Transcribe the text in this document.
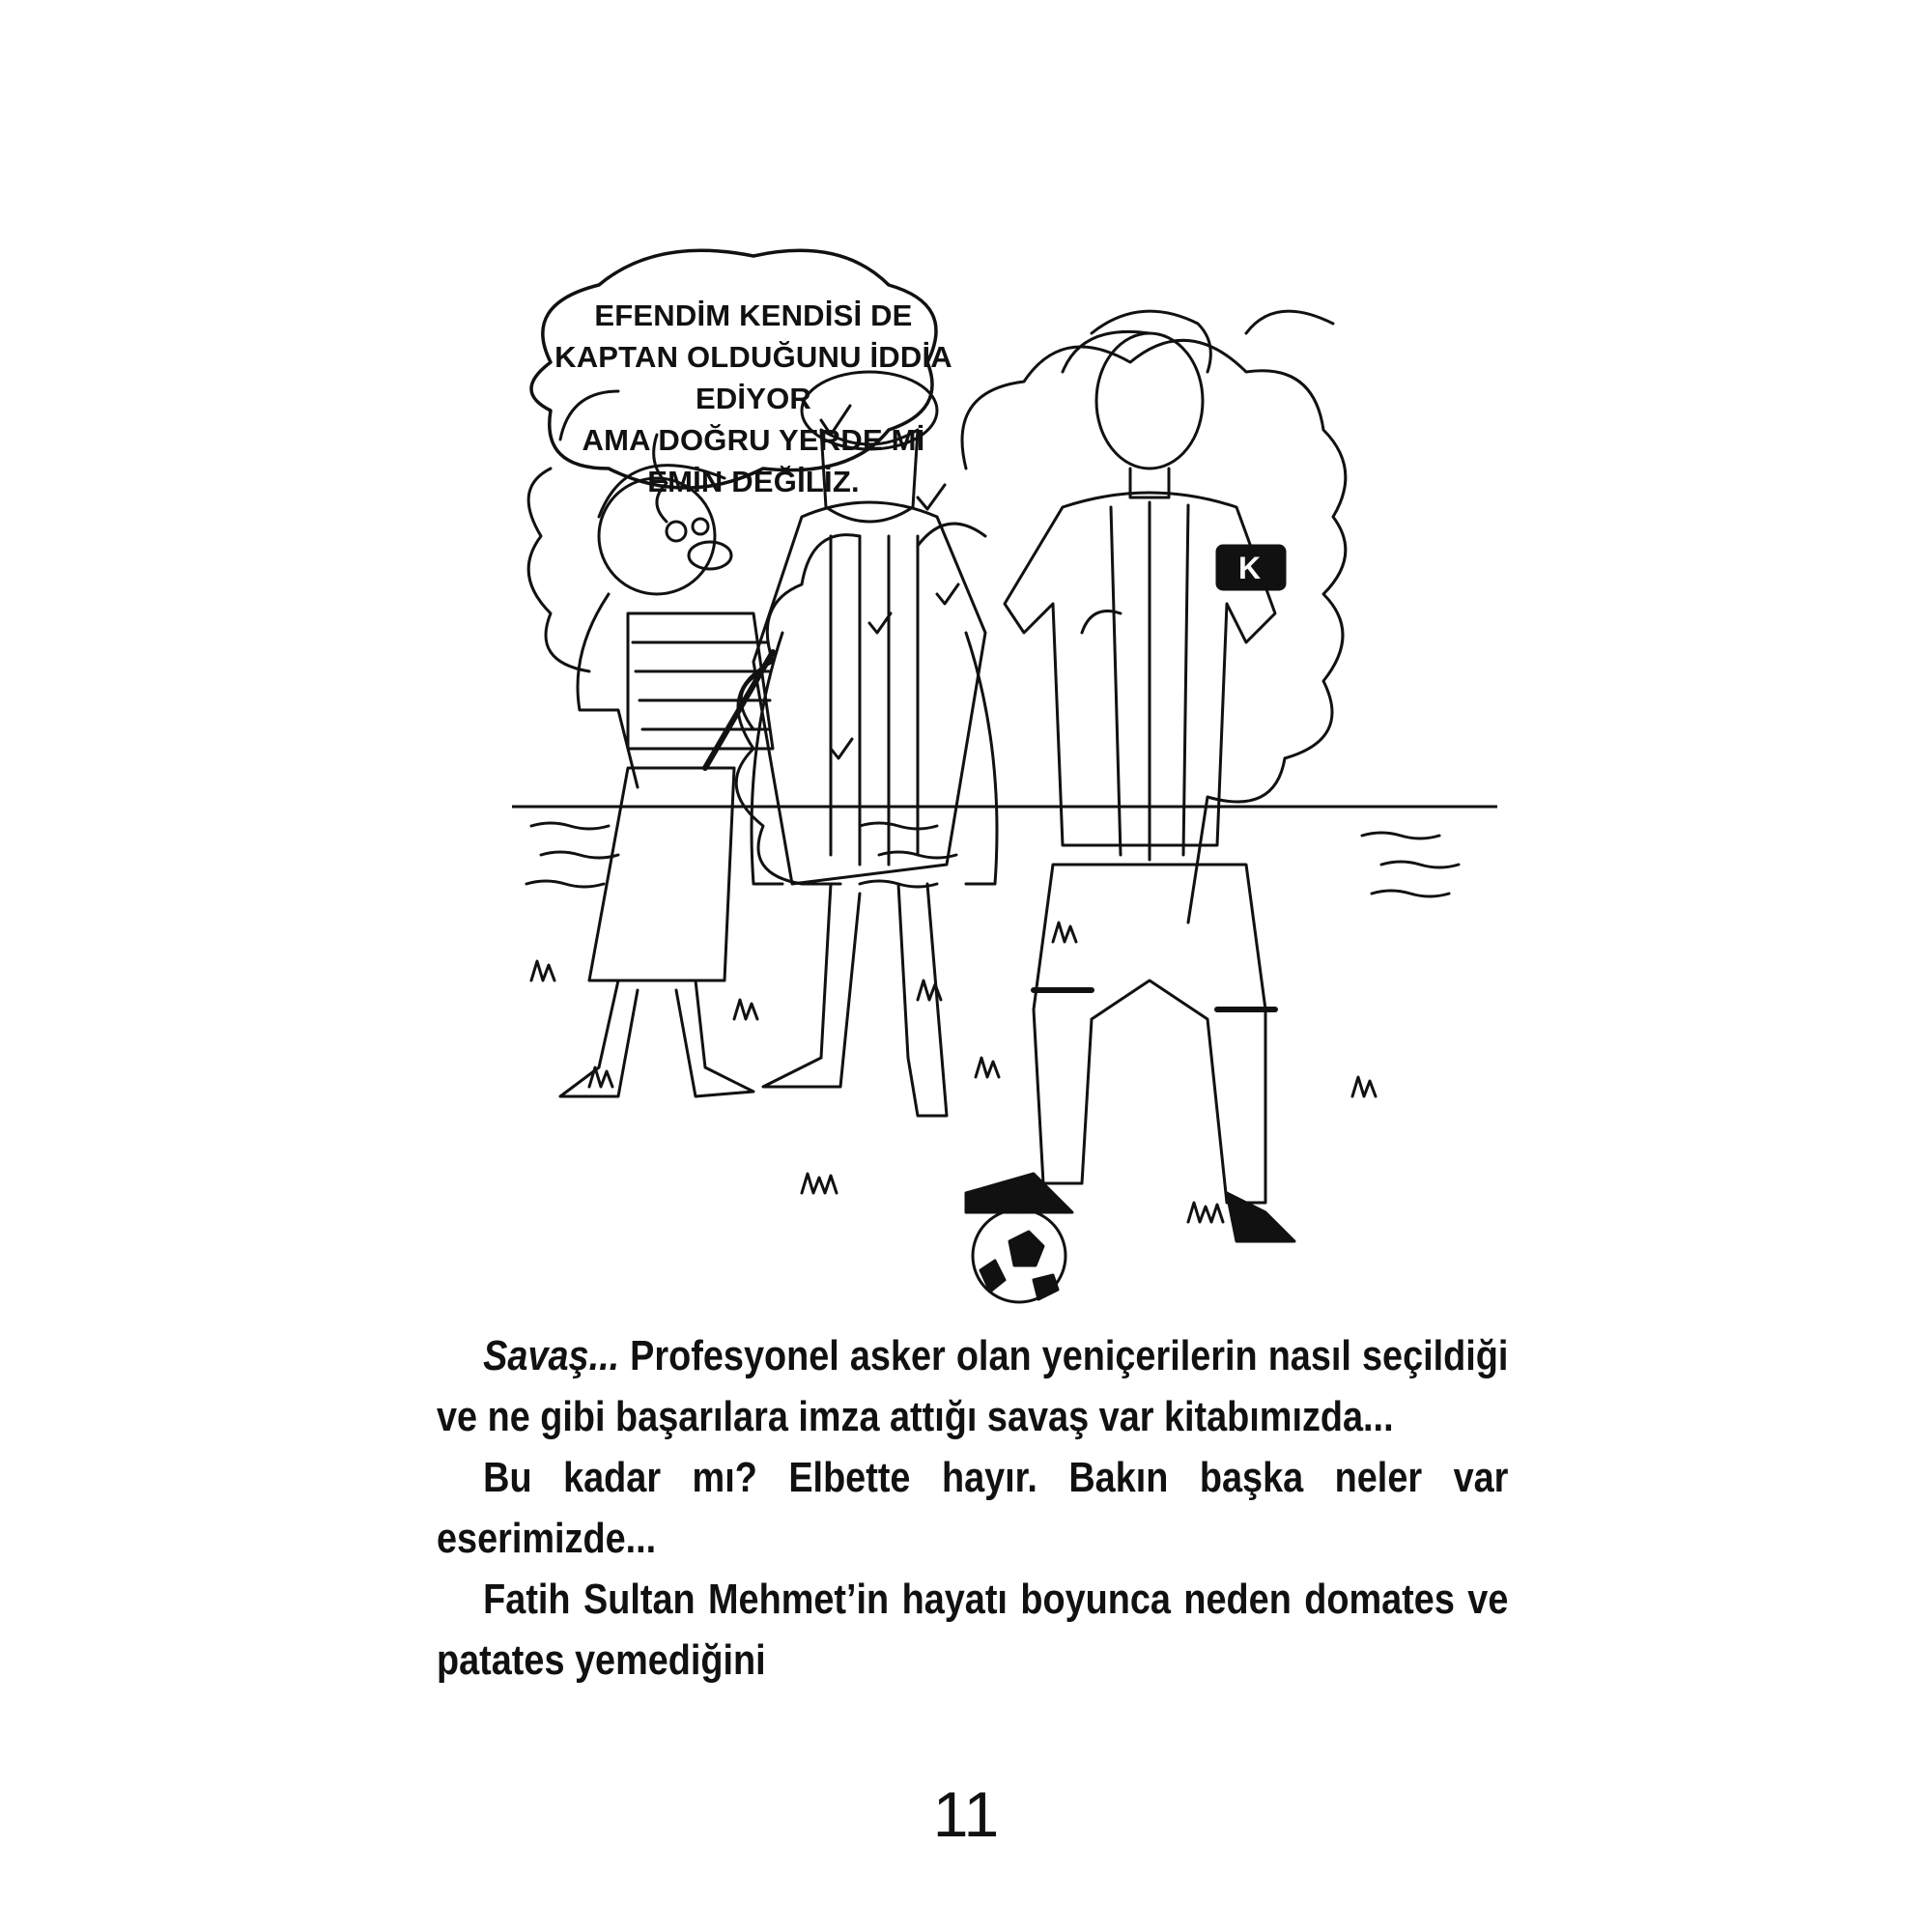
K
EFENDİM KENDİSİ DE
KAPTAN OLDUĞUNU İDDİA EDİYOR
AMA DOĞRU YERDE Mİ
EMİN DEĞİLİZ.

Savaş... Profesyonel asker olan yeniçerilerin nasıl seçildiği ve ne gibi başarılara imza attığı savaş var kitabımızda...

Bu kadar mı? Elbette hayır. Bakın başka neler var eserimizde...

Fatih Sultan Mehmet’in hayatı boyunca neden domates ve patates yemediğini

11
